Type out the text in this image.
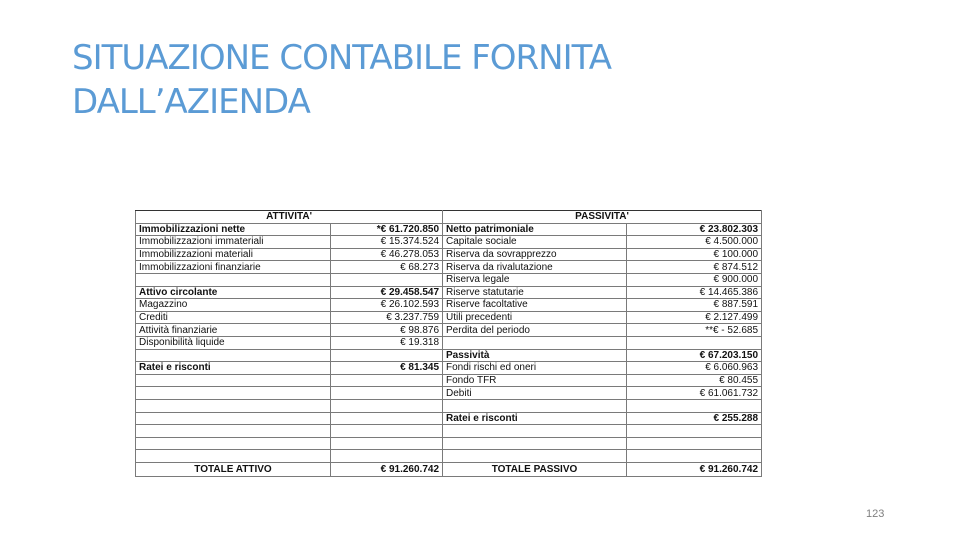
SITUAZIONE CONTABILE FORNITA
DALL’AZIENDA
ATTIVITA'		PASSIVITA'	
Immobilizzazioni nette	*€ 61.720.850	Netto patrimoniale	€ 23.802.303
Immobilizzazioni immateriali	€ 15.374.524	Capitale sociale	€ 4.500.000
Immobilizzazioni materiali	€ 46.278.053	Riserva da sovrapprezzo	€ 100.000
Immobilizzazioni finanziarie	€ 68.273	Riserva da rivalutazione	€ 874.512
		Riserva legale	€ 900.000
Attivo circolante	€ 29.458.547	Riserve statutarie	€ 14.465.386
Magazzino	€ 26.102.593	Riserve facoltative	€ 887.591
Crediti	€ 3.237.759	Utili precedenti	€ 2.127.499
Attività finanziarie	€ 98.876	Perdita del periodo	**€ - 52.685
Disponibilità liquide	€ 19.318		
		Passività	€ 67.203.150
Ratei e risconti	€ 81.345	Fondi rischi ed oneri	€ 6.060.963
		Fondo TFR	€ 80.455
		Debiti	€ 61.061.732

		Ratei e risconti	€ 255.288

TOTALE ATTIVO	€ 91.260.742	TOTALE PASSIVO	€ 91.260.742
123
